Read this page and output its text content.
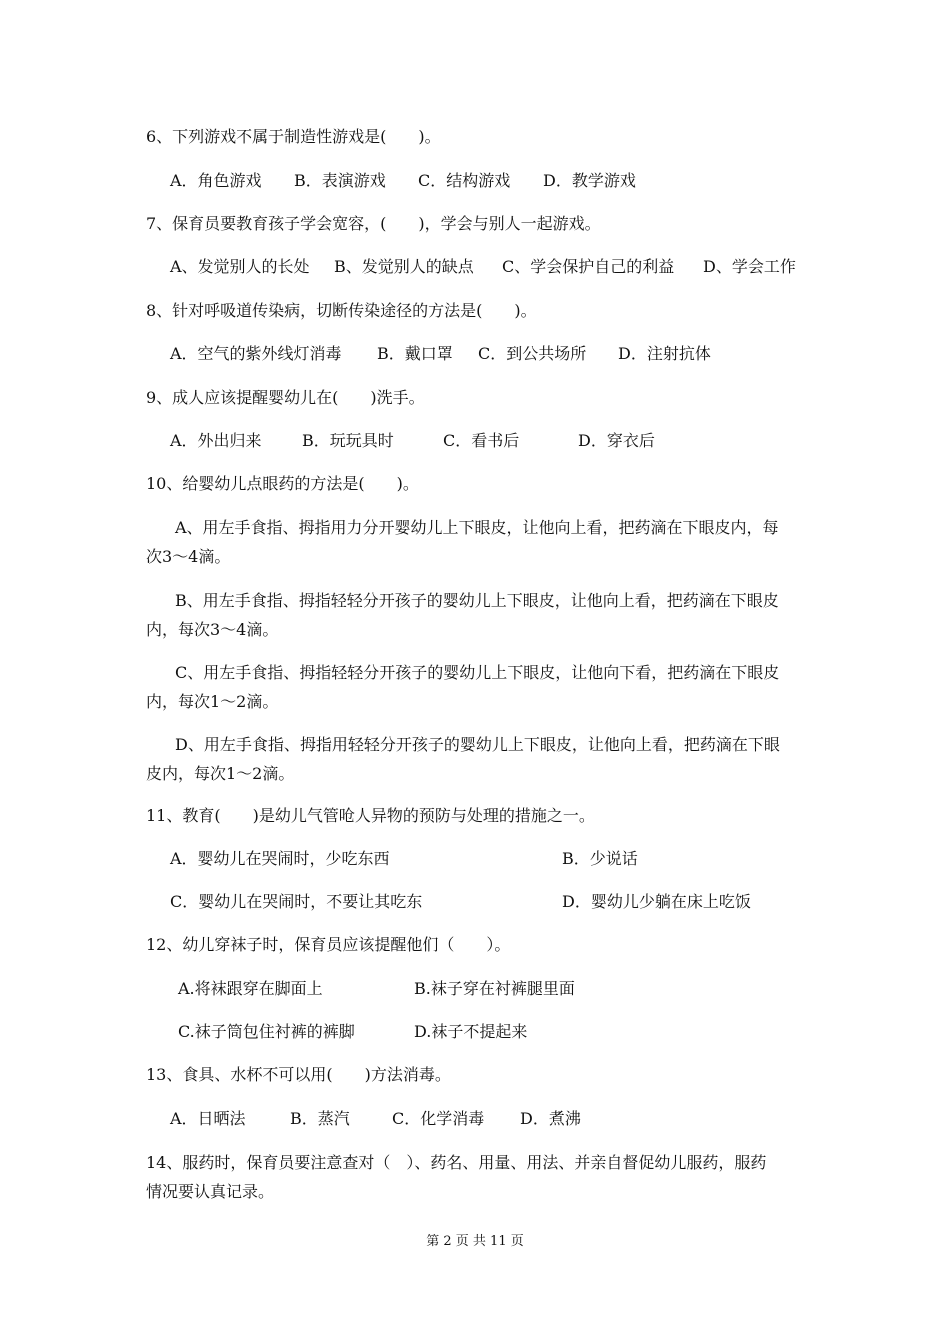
6、下列游戏不属于制造性游戏是(　　)。
A．角色游戏 B．表演游戏 C．结构游戏 D．教学游戏
7、保育员要教育孩子学会宽容，(　　)，学会与别人一起游戏。
A、发觉别人的长处 B、发觉别人的缺点 C、学会保护自己的利益 D、学会工作
8、针对呼吸道传染病，切断传染途径的方法是(　　)。
A．空气的紫外线灯消毒 B．戴口罩 C．到公共场所 D．注射抗体
9、成人应该提醒婴幼儿在(　　)洗手。
A．外出归来	B．玩玩具时	C．看书后	D．穿衣后
10、给婴幼儿点眼药的方法是(　　)。
A、用左手食指、拇指用力分开婴幼儿上下眼皮，让他向上看，把药滴在下眼皮内，每
次3～4滴。
B、用左手食指、拇指轻轻分开孩子的婴幼儿上下眼皮，让他向上看，把药滴在下眼皮
内，每次3～4滴。
C、用左手食指、拇指轻轻分开孩子的婴幼儿上下眼皮，让他向下看，把药滴在下眼皮
内，每次1～2滴。
D、用左手食指、拇指用轻轻分开孩子的婴幼儿上下眼皮，让他向上看，把药滴在下眼
皮内，每次1～2滴。
11、教育(　　)是幼儿气管呛人异物的预防与处理的措施之一。
A．婴幼儿在哭闹时，少吃东西	B．少说话
C．婴幼儿在哭闹时，不要让其吃东	D．婴幼儿少躺在床上吃饭
12、幼儿穿袜子时，保育员应该提醒他们（　　）。
A.将袜跟穿在脚面上	B.袜子穿在衬裤腿里面
C.袜子筒包住衬裤的裤脚	D.袜子不提起来
13、食具、水杯不可以用(　　)方法消毒。
A．日晒法	B．蒸汽	C．化学消毒 D．煮沸
14、服药时，保育员要注意查对（　）、药名、用量、用法、并亲自督促幼儿服药，服药
情况要认真记录。
第 2 页 共 11 页
